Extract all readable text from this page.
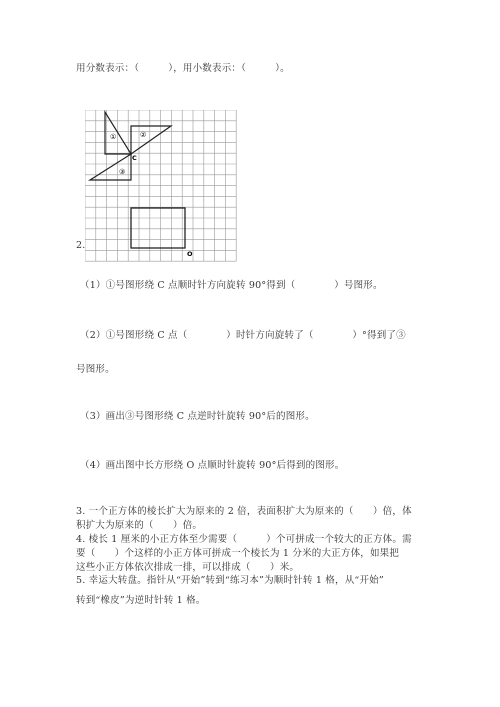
用分数表示：（　　　），用小数表示：（　　　）。
①	②
③
C
O
2.
（1）①号图形绕 C 点顺时针方向旋转 90°得到（　　　　）号图形。
（2）①号图形绕 C 点（　　　　）时针方向旋转了（　　　　）°得到了③
号图形。
（3）画出③号图形绕 C 点逆时针旋转 90°后的图形。
（4）画出图中长方形绕 O 点顺时针旋转 90°后得到的图形。
3. 一个正方体的棱长扩大为原来的 2 倍，表面积扩大为原来的（　　）倍，体
积扩大为原来的（　　）倍。
4. 棱长 1 厘米的小正方体至少需要（　　　）个可拼成一个较大的正方体。需
要（　　）个这样的小正方体可拼成一个棱长为 1 分米的大正方体，如果把
这些小正方体依次排成一排，可以排成（　　）米。
5. 幸运大转盘。指针从“开始”转到“练习本”为顺时针转 1 格，从“开始”
转到“橡皮”为逆时针转 1 格。
